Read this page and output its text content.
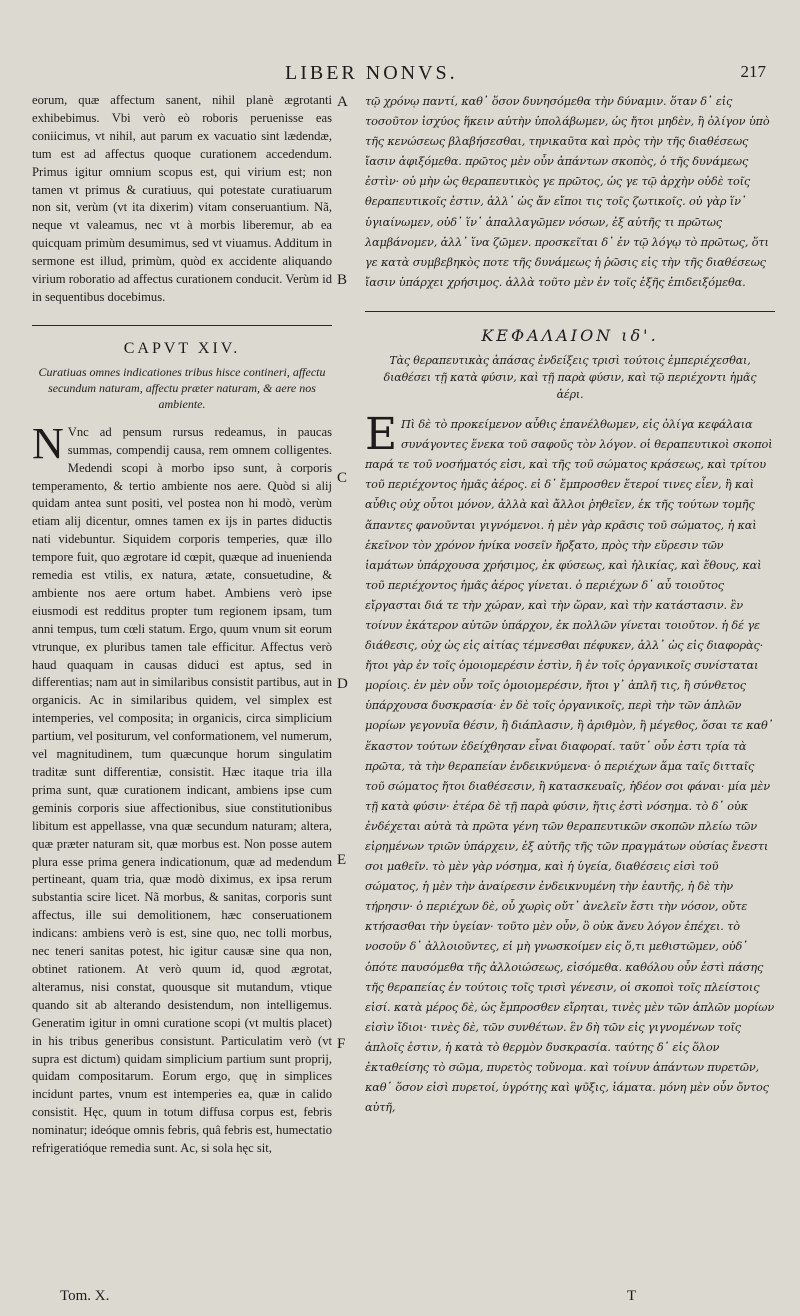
LIBER NONVS.	217

eorum, quæ affectum sanent, nihil planè ægrotanti exhibebimus. Vbi verò eò roboris peruenisse eas coniicimus, vt nihil, aut parum ex vacuatio sint lædendæ, tum est ad affectus quoque curationem accedendum. Primus igitur omnium scopus est, qui virium est; non tamen vt primus & curatiuus, qui potestate curatiuarum non sit, verùm (vt ita dixerim) vitam conseruantium. Nã, neque vt valeamus, nec vt à morbis liberemur, ab ea quicquam primùm desumimus, sed vt viuamus. Additum in sermone est illud, primùm, quòd ex accidente aliquando virium roboratio ad affectus curationem conducit. Verùm id in sequentibus docebimus.

CAPVT XIV.
Curatiuas omnes indicationes tribus hisce contineri, affectu secundum naturam, affectu præter naturam, & aere nos ambiente.

N Vnc ad pensum rursus redeamus, in paucas summas, compendij causa, rem omnem colligentes. Medendi scopi à morbo ipso sunt, à corporis temperamento, & tertio ambiente nos aere. Quòd si alij quidam antea sunt positi, vel postea non hi modò, verùm etiam alij dicentur, omnes tamen ex ijs in partes diductis nati videbuntur. Siquidem corporis temperies, quæ illo tempore fuit, quo ægrotare id cœpit, quæque ad inuenienda remedia est vtilis, ex natura, ætate, consuetudine, & ambiente nos aere ortum habet. Ambiens verò ipse eiusmodi est redditus propter tum regionem ipsam, tum anni tempus, tum cœli statum. Ergo, quum vnum sit eorum vtrunque, ex pluribus tamen tale efficitur. Affectus verò haud quaquam in causas diduci est aptus, sed in differentias; nam aut in similaribus consistit partibus, aut in organicis. Ac in similaribus quidem, vel simplex est intemperies, vel composita; in organicis, circa simplicium partium, vel positurum, vel conformationem, vel numerum, vel magnitudinem, tum quæcunque horum singulatim traditæ sunt differentiæ, consistit. Hæc itaque tria illa prima sunt, quæ curationem indicant, ambiens ipse cum geminis corporis siue affectionibus, siue constitutionibus libitum est appellasse, vna quæ secundum naturam; altera, quæ præter naturam sit, quæ morbus est. Non posse autem plura esse prima genera indicationum, quæ ad medendum pertineant, quam tria, quæ modò diximus, ex ipsa rerum substantia scire licet. Nã morbus, & sanitas, corporis sunt affectus, ille sui demolitionem, hæc conseruationem indicans: ambiens verò is est, sine quo, nec tolli morbus, nec teneri sanitas potest, hic igitur causæ sine qua non, obtinet rationem. At verò quum id, quod ægrotat, alteramus, nisi constat, quousque sit mutandum, vtique quando sit ab alterando desistendum, non intelligemus. Generatim igitur in omni curatione scopi (vt multis placet) in his tribus generibus consistunt. Particulatim verò (vt supra est dictum) quidam simplicium partium sunt proprij, quidam compositarum. Eorum ergo, quę in simplices incidunt partes, vnum est intemperies ea, quæ in calido consistit. Hęc, quum in totum diffusa corpus est, febris nominatur; ideóque omnis febris, quâ febris est, humectatio refrigeratióque remedia sunt. Ac, si sola hęc sit,

A
B
C
D
E
F

τῷ χρόνῳ παντί, καθ᾽ ὅσον δυνησόμεθα τὴν δύναμιν. ὅταν δ᾽ εἰς τοσοῦτον ἰσχύος ἥκειν αὐτὴν ὑπολάβωμεν, ὡς ἤτοι μηδὲν, ἢ ὀλίγον ὑπὸ τῆς κενώσεως βλαβήσεσθαι, τηνικαῦτα καὶ πρὸς τὴν τῆς διαθέσεως ἴασιν ἀφιξόμεθα. πρῶτος μὲν οὖν ἁπάντων σκοπὸς, ὁ τῆς δυνάμεως ἐστὶν· οὐ μὴν ὡς θεραπευτικὸς γε πρῶτος, ὡς γε τῷ ἀρχὴν οὐδὲ τοῖς θεραπευτικοῖς ἐστιν, ἀλλ᾽ ὡς ἄν εἴποι τις τοῖς ζωτικοῖς. οὐ γὰρ ἵν᾽ ὑγιαίνωμεν, οὐδ᾽ ἵν᾽ ἀπαλλαγῶμεν νόσων, ἐξ αὐτῆς τι πρῶτως λαμβάνομεν, ἀλλ᾽ ἵνα ζῶμεν. προσκεῖται δ᾽ ἐν τῷ λόγῳ τὸ πρῶτως, ὅτι γε κατὰ συμβεβηκὸς ποτε τῆς δυνάμεως ἡ ῥῶσις εἰς τὴν τῆς διαθέσεως ἴασιν ὑπάρχει χρήσιμος. ἀλλὰ τοῦτο μὲν ἐν τοῖς ἑξῆς ἐπιδειξόμεθα.

ΚΕΦΑΛΑΙΟΝ ιδ'.
Τὰς θεραπευτικὰς ἁπάσας ἐνδείξεις τρισὶ τούτοις ἐμπεριέχεσθαι, διαθέσει τῇ κατὰ φύσιν, καὶ τῇ παρὰ φύσιν, καὶ τῷ περιέχοντι ἡμᾶς ἀέρι.

Ε Πὶ δὲ τὸ προκείμενον αὖθις ἐπανέλθωμεν, εἰς ὀλίγα κεφάλαια συνάγοντες ἕνεκα τοῦ σαφοῦς τὸν λόγον. οἱ θεραπευτικοὶ σκοποὶ παρά τε τοῦ νοσήματός εἰσι, καὶ τῆς τοῦ σώματος κράσεως, καὶ τρίτου τοῦ περιέχοντος ἡμᾶς ἀέρος. εἰ δ᾽ ἔμπροσθεν ἕτεροί τινες εἶεν, ἢ καὶ αὖθις οὐχ οὗτοι μόνον, ἀλλὰ καὶ ἄλλοι ῥηθεῖεν, ἐκ τῆς τούτων τομῆς ἅπαντες φανοῦνται γιγνόμενοι. ἡ μὲν γὰρ κρᾶσις τοῦ σώματος, ἡ καὶ ἐκεῖνον τὸν χρόνον ἡνίκα νοσεῖν ἤρξατο, πρὸς τὴν εὕρεσιν τῶν ἰαμάτων ὑπάρχουσα χρήσιμος, ἐκ φύσεως, καὶ ἡλικίας, καὶ ἔθους, καὶ τοῦ περιέχοντος ἡμᾶς ἀέρος γίνεται. ὁ περιέχων δ᾽ αὖ τοιοῦτος εἴργασται διά τε τὴν χώραν, καὶ τὴν ὥραν, καὶ τὴν κατάστασιν. ἓν τοίνυν ἑκάτερον αὐτῶν ὑπάρχον, ἐκ πολλῶν γίνεται τοιοῦτον. ἡ δέ γε διάθεσις, οὐχ ὡς εἰς αἰτίας τέμνεσθαι πέφυκεν, ἀλλ᾽ ὡς εἰς διαφορὰς· ἤτοι γὰρ ἐν τοῖς ὁμοιομερέσιν ἐστὶν, ἢ ἐν τοῖς ὀργανικοῖς συνίσταται μορίοις. ἐν μὲν οὖν τοῖς ὁμοιομερέσιν, ἤτοι γ᾽ ἁπλῆ τις, ἢ σύνθετος ὑπάρχουσα δυσκρασία· ἐν δὲ τοῖς ὀργανικοῖς, περὶ τὴν τῶν ἁπλῶν μορίων γεγονυῖα θέσιν, ἢ διάπλασιν, ἢ ἀριθμὸν, ἢ μέγεθος, ὅσαι τε καθ᾽ ἕκαστον τούτων ἐδείχθησαν εἶναι διαφοραί. ταῦτ᾽ οὖν ἐστι τρία τὰ πρῶτα, τὰ τὴν θεραπείαν ἐνδεικνύμενα· ὁ περιέχων ἅμα ταῖς διτταῖς τοῦ σώματος ἤτοι διαθέσεσιν, ἢ κατασκευαῖς, ἡδέον σοι φάναι· μία μὲν τῇ κατὰ φύσιν· ἑτέρα δὲ τῇ παρὰ φύσιν, ἥτις ἐστὶ νόσημα. τὸ δ᾽ οὐκ ἐνδέχεται αὐτὰ τὰ πρῶτα γένη τῶν θεραπευτικῶν σκοπῶν πλείω τῶν εἰρημένων τριῶν ὑπάρχειν, ἐξ αὐτῆς τῆς τῶν πραγμάτων οὐσίας ἔνεστι σοι μαθεῖν. τὸ μὲν γὰρ νόσημα, καὶ ἡ ὑγεία, διαθέσεις εἰσὶ τοῦ σώματος, ἡ μὲν τὴν ἀναίρεσιν ἐνδεικνυμένη τὴν ἑαυτῆς, ἡ δὲ τὴν τήρησιν· ὁ περιέχων δὲ, οὗ χωρὶς οὔτ᾽ ἀνελεῖν ἔστι τὴν νόσον, οὔτε κτήσασθαι τὴν ὑγείαν· τοῦτο μὲν οὖν, ὃ οὐκ ἄνευ λόγον ἐπέχει. τὸ νοσοῦν δ᾽ ἀλλοιοῦντες, εἰ μὴ γνωσκοίμεν εἰς ὅ,τι μεθιστῶμεν, οὐδ᾽ ὁπότε παυσόμεθα τῆς ἀλλοιώσεως, εἰσόμεθα. καθόλου οὖν ἐστὶ πάσης τῆς θεραπείας ἐν τούτοις τοῖς τρισὶ γένεσιν, οἱ σκοποὶ τοῖς πλείστοις εἰσί. κατὰ μέρος δὲ, ὡς ἔμπροσθεν εἴρηται, τινὲς μὲν τῶν ἁπλῶν μορίων εἰσὶν ἴδιοι· τινὲς δὲ, τῶν συνθέτων. ἓν δὴ τῶν εἰς γιγνομένων τοῖς ἁπλοῖς ἐστιν, ἡ κατὰ τὸ θερμὸν δυσκρασία. ταύτης δ᾽ εἰς ὅλον ἐκταθείσης τὸ σῶμα, πυρετὸς τοὔνομα. καὶ τοίνυν ἁπάντων πυρετῶν, καθ᾽ ὅσον εἰσὶ πυρετοί, ὑγρότης καὶ ψῦξις, ἰάματα. μόνη μὲν οὖν ὄντος αὐτῆ,

Tom. X.	T
